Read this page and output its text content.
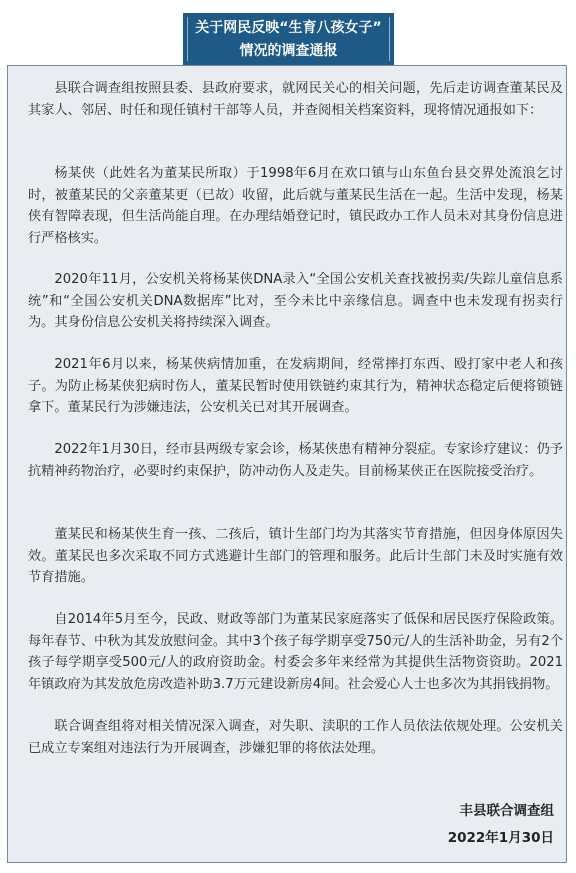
关于网民反映“生育八孩女子”
情况的调查通报
县联合调查组按照县委、县政府要求，就网民关心的相关问题，先后走访调查董某民及其家人、邻居、时任和现任镇村干部等人员，并查阅相关档案资料，现将情况通报如下：
杨某侠（此姓名为董某民所取）于1998年6月在欢口镇与山东鱼台县交界处流浪乞讨时，被董某民的父亲董某更（已故）收留，此后就与董某民生活在一起。生活中发现，杨某侠有智障表现，但生活尚能自理。在办理结婚登记时，镇民政办工作人员未对其身份信息进行严格核实。
2020年11月，公安机关将杨某侠DNA录入“全国公安机关查找被拐卖/失踪儿童信息系统”和“全国公安机关DNA数据库”比对，至今未比中亲缘信息。调查中也未发现有拐卖行为。其身份信息公安机关将持续深入调查。
2021年6月以来，杨某侠病情加重，在发病期间，经常摔打东西、殴打家中老人和孩子。为防止杨某侠犯病时伤人，董某民暂时使用铁链约束其行为，精神状态稳定后便将锁链拿下。董某民行为涉嫌违法，公安机关已对其开展调查。
2022年1月30日，经市县两级专家会诊，杨某侠患有精神分裂症。专家诊疗建议：仍予抗精神药物治疗，必要时约束保护，防冲动伤人及走失。目前杨某侠正在医院接受治疗。
董某民和杨某侠生育一孩、二孩后，镇计生部门均为其落实节育措施，但因身体原因失效。董某民也多次采取不同方式逃避计生部门的管理和服务。此后计生部门未及时实施有效节育措施。
自2014年5月至今，民政、财政等部门为董某民家庭落实了低保和居民医疗保险政策。每年春节、中秋为其发放慰问金。其中3个孩子每学期享受750元/人的生活补助金，另有2个孩子每学期享受500元/人的政府资助金。村委会多年来经常为其提供生活物资资助。2021年镇政府为其发放危房改造补助3.7万元建设新房4间。社会爱心人士也多次为其捐钱捐物。
联合调查组将对相关情况深入调查，对失职、渎职的工作人员依法依规处理。公安机关已成立专案组对违法行为开展调查，涉嫌犯罪的将依法处理。
丰县联合调查组
2022年1月30日
